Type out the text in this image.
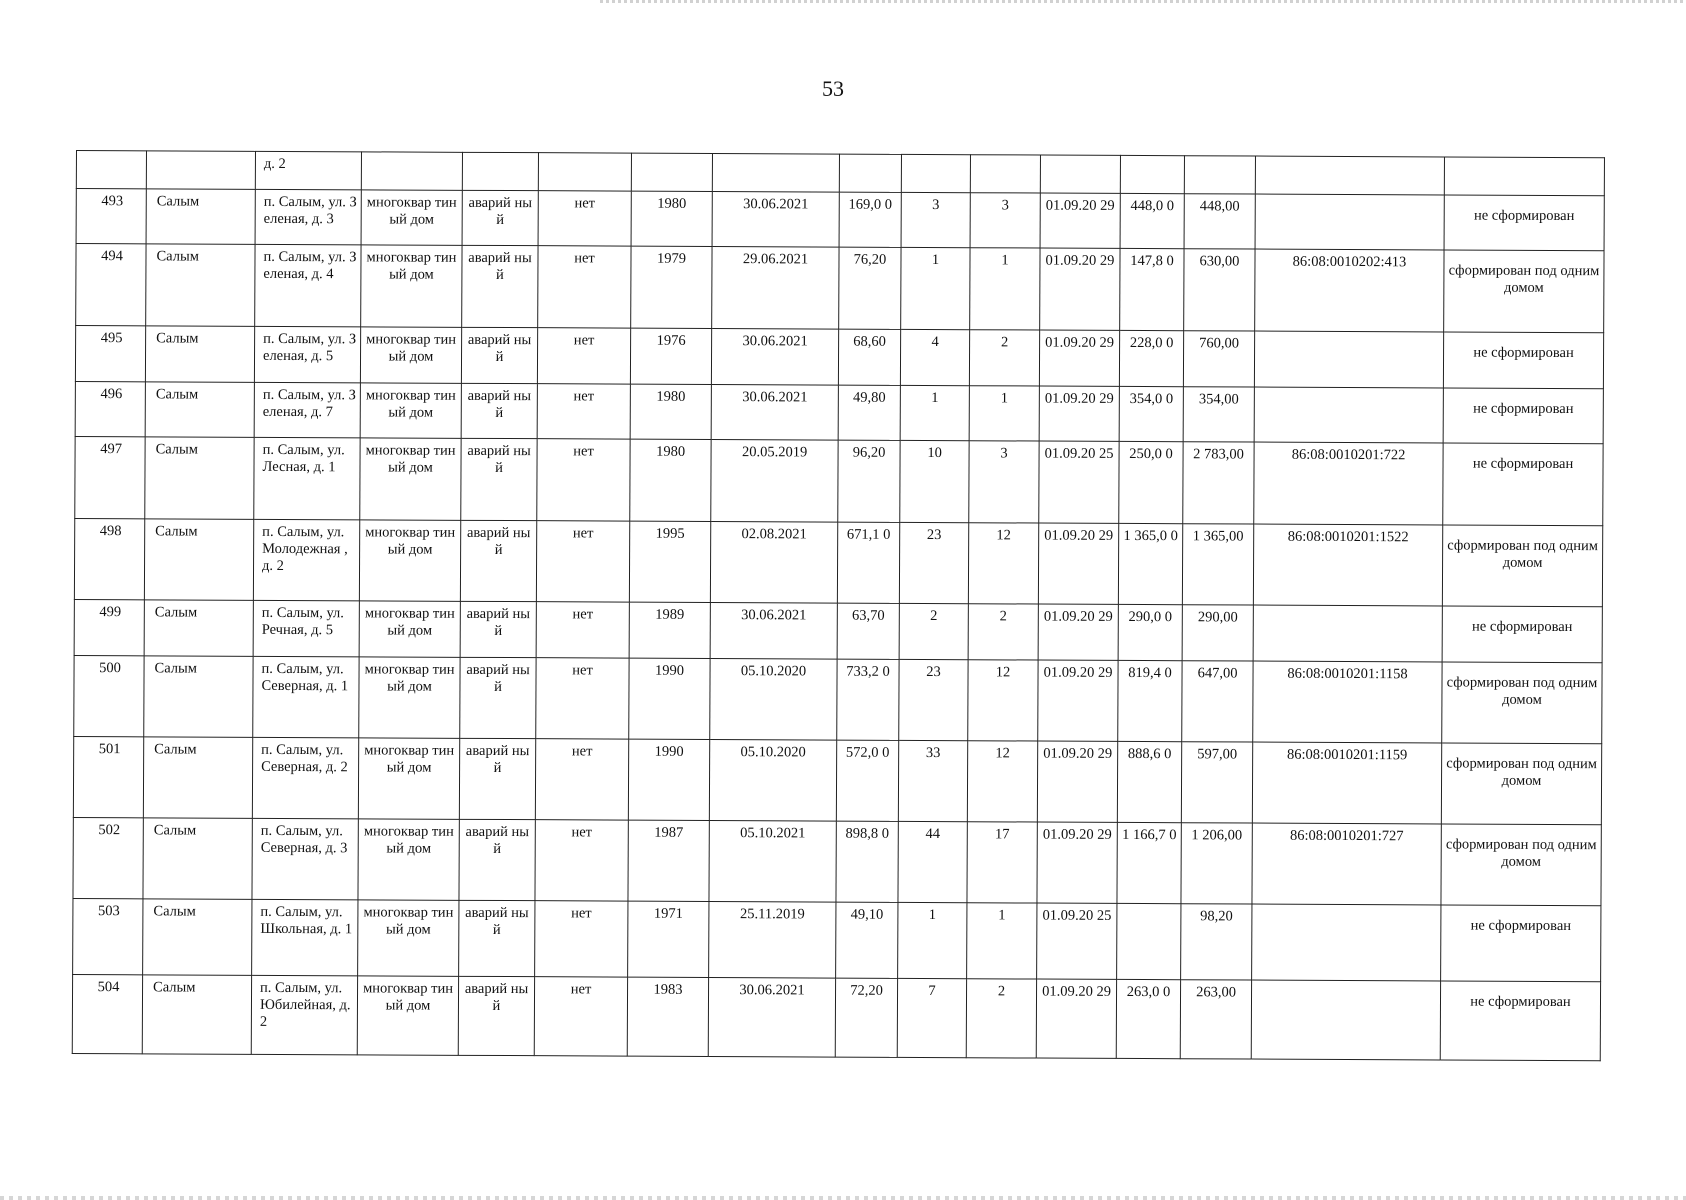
53
		д. 2													
493	Салым	п. Салым, ул. Зеленая, д. 3	многоквар тиный дом	аварий ный	нет	1980	30.06.2021	169,0 0	3	3	01.09.20 29	448,0 0	448,00		не сформирован
494	Салым	п. Салым, ул. Зеленая, д. 4	многоквар тиный дом	аварий ный	нет	1979	29.06.2021	76,20	1	1	01.09.20 29	147,8 0	630,00	86:08:0010202:413	сформирован под одним домом
495	Салым	п. Салым, ул. Зеленая, д. 5	многоквар тиный дом	аварий ный	нет	1976	30.06.2021	68,60	4	2	01.09.20 29	228,0 0	760,00		не сформирован
496	Салым	п. Салым, ул. Зеленая, д. 7	многоквар тиный дом	аварий ный	нет	1980	30.06.2021	49,80	1	1	01.09.20 29	354,0 0	354,00		не сформирован
497	Салым	п. Салым, ул. Лесная, д. 1	многоквар тиный дом	аварий ный	нет	1980	20.05.2019	96,20	10	3	01.09.20 25	250,0 0	2 783,00	86:08:0010201:722	не сформирован
498	Салым	п. Салым, ул. Молодежная , д. 2	многоквар тиный дом	аварий ный	нет	1995	02.08.2021	671,1 0	23	12	01.09.20 29	1 365,0 0	1 365,00	86:08:0010201:1522	сформирован под одним домом
499	Салым	п. Салым, ул. Речная, д. 5	многоквар тиный дом	аварий ный	нет	1989	30.06.2021	63,70	2	2	01.09.20 29	290,0 0	290,00		не сформирован
500	Салым	п. Салым, ул. Северная, д. 1	многоквар тиный дом	аварий ный	нет	1990	05.10.2020	733,2 0	23	12	01.09.20 29	819,4 0	647,00	86:08:0010201:1158	сформирован под одним домом
501	Салым	п. Салым, ул. Северная, д. 2	многоквар тиный дом	аварий ный	нет	1990	05.10.2020	572,0 0	33	12	01.09.20 29	888,6 0	597,00	86:08:0010201:1159	сформирован под одним домом
502	Салым	п. Салым, ул. Северная, д. 3	многоквар тиный дом	аварий ный	нет	1987	05.10.2021	898,8 0	44	17	01.09.20 29	1 166,7 0	1 206,00	86:08:0010201:727	сформирован под одним домом
503	Салым	п. Салым, ул. Школьная, д. 1	многоквар тиный дом	аварий ный	нет	1971	25.11.2019	49,10	1	1	01.09.20 25		98,20		не сформирован
504	Салым	п. Салым, ул. Юбилейная, д. 2	многоквар тиный дом	аварий ный	нет	1983	30.06.2021	72,20	7	2	01.09.20 29	263,0 0	263,00		не сформирован
